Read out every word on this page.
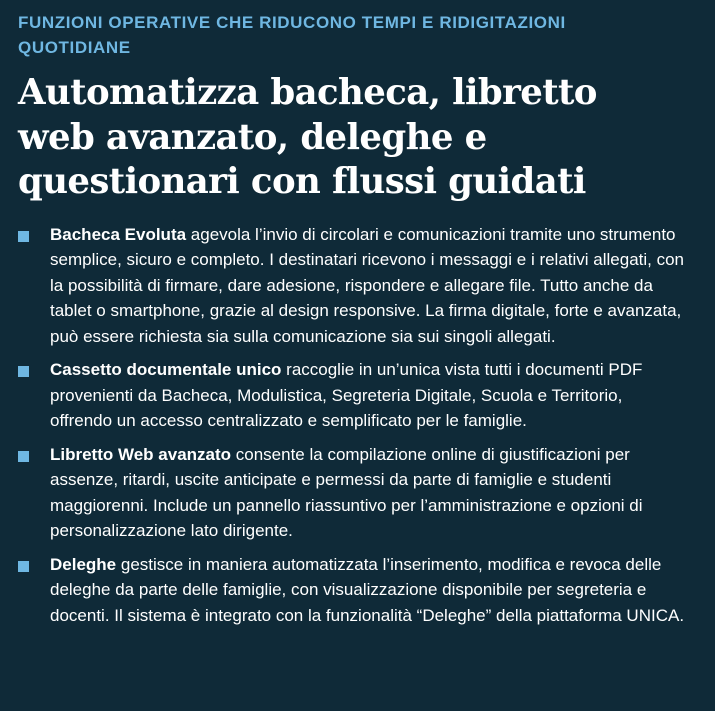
FUNZIONI OPERATIVE CHE RIDUCONO TEMPI E RIDIGITAZIONI QUOTIDIANE
Automatizza bacheca, libretto web avanzato, deleghe e questionari con flussi guidati
Bacheca Evoluta agevola l’invio di circolari e comunicazioni tramite uno strumento semplice, sicuro e completo. I destinatari ricevono i messaggi e i relativi allegati, con la possibilità di firmare, dare adesione, rispondere e allegare file. Tutto anche da tablet o smartphone, grazie al design responsive. La firma digitale, forte e avanzata, può essere richiesta sia sulla comunicazione sia sui singoli allegati.
Cassetto documentale unico raccoglie in un’unica vista tutti i documenti PDF provenienti da Bacheca, Modulistica, Segreteria Digitale, Scuola e Territorio, offrendo un accesso centralizzato e semplificato per le famiglie.
Libretto Web avanzato consente la compilazione online di giustificazioni per assenze, ritardi, uscite anticipate e permessi da parte di famiglie e studenti maggiorenni. Include un pannello riassuntivo per l’amministrazione e opzioni di personalizzazione lato dirigente.
Deleghe gestisce in maniera automatizzata l’inserimento, modifica e revoca delle deleghe da parte delle famiglie, con visualizzazione disponibile per segreteria e docenti. Il sistema è integrato con la funzionalità “Deleghe” della piattaforma UNICA.
